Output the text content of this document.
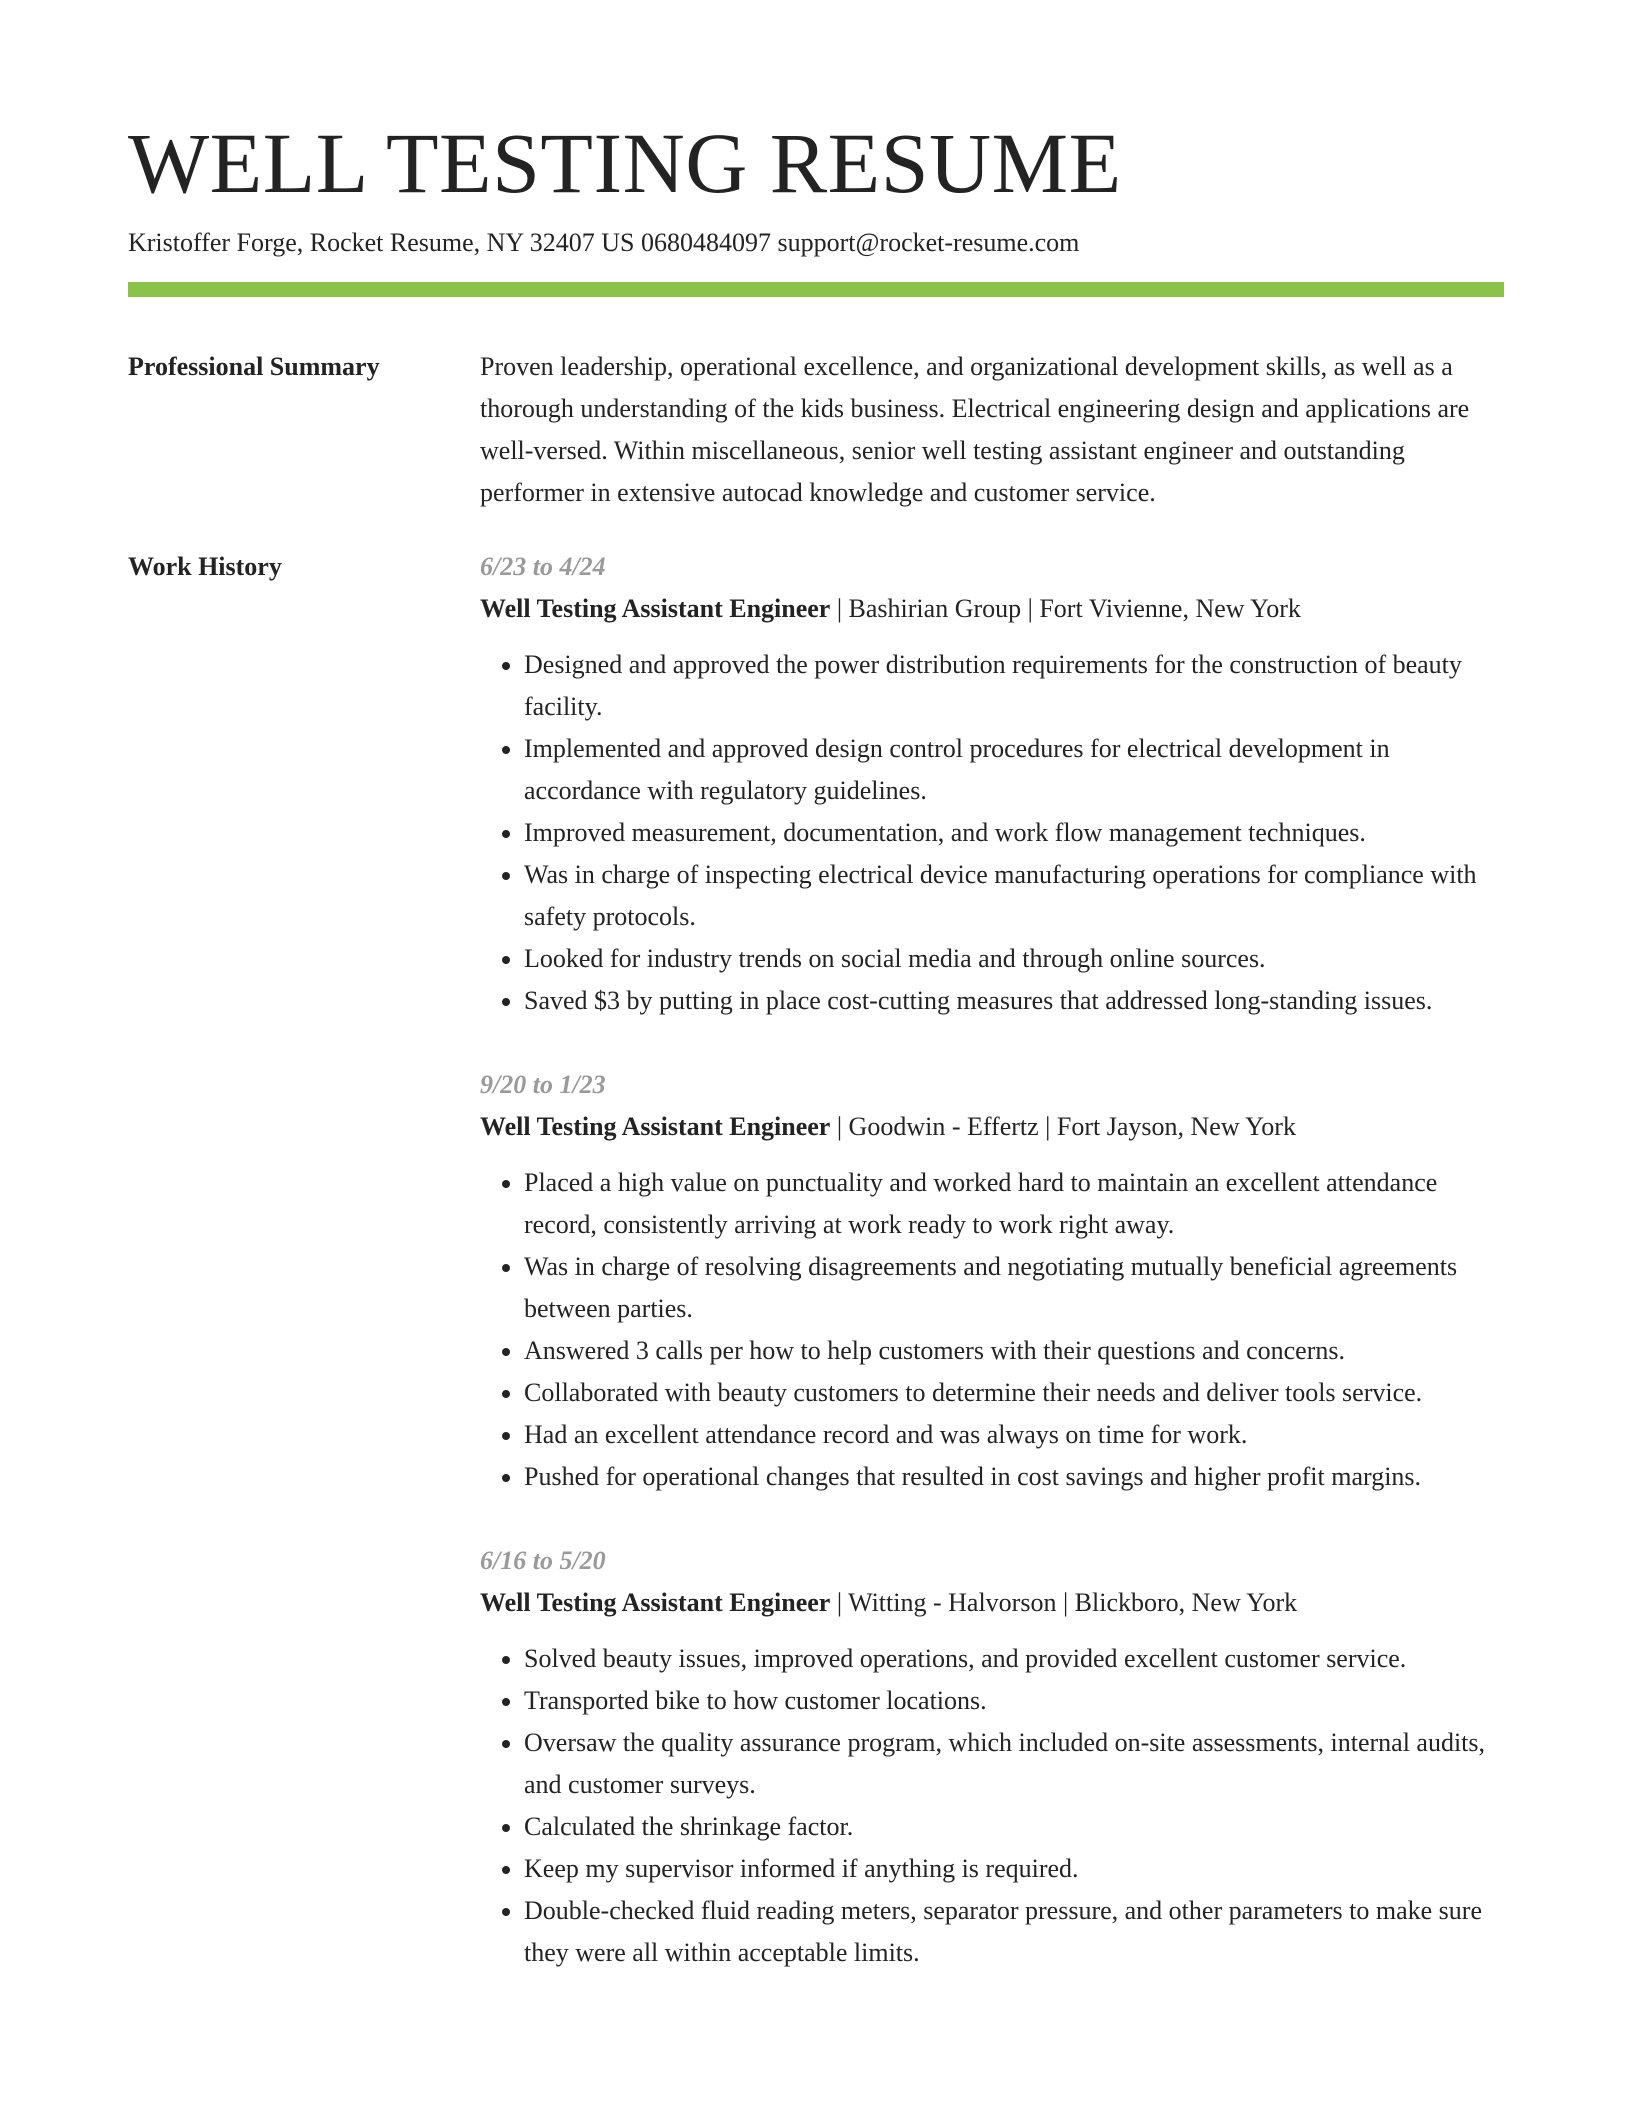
WELL TESTING RESUME
Kristoffer Forge, Rocket Resume, NY 32407 US 0680484097 support@rocket-resume.com
Professional Summary	Proven leadership, operational excellence, and organizational development skills, as well as a thorough understanding of the kids business. Electrical engineering design and applications are well-versed. Within miscellaneous, senior well testing assistant engineer and outstanding performer in extensive autocad knowledge and customer service.

Work History	6/23 to 4/24
Well Testing Assistant Engineer | Bashirian Group | Fort Vivienne, New York
• Designed and approved the power distribution requirements for the construction of beauty facility.
• Implemented and approved design control procedures for electrical development in accordance with regulatory guidelines.
• Improved measurement, documentation, and work flow management techniques.
• Was in charge of inspecting electrical device manufacturing operations for compliance with safety protocols.
• Looked for industry trends on social media and through online sources.
• Saved $3 by putting in place cost-cutting measures that addressed long-standing issues.
9/20 to 1/23
Well Testing Assistant Engineer | Goodwin - Effertz | Fort Jayson, New York
• Placed a high value on punctuality and worked hard to maintain an excellent attendance record, consistently arriving at work ready to work right away.
• Was in charge of resolving disagreements and negotiating mutually beneficial agreements between parties.
• Answered 3 calls per how to help customers with their questions and concerns.
• Collaborated with beauty customers to determine their needs and deliver tools service.
• Had an excellent attendance record and was always on time for work.
• Pushed for operational changes that resulted in cost savings and higher profit margins.
6/16 to 5/20
Well Testing Assistant Engineer | Witting - Halvorson | Blickboro, New York
• Solved beauty issues, improved operations, and provided excellent customer service.
• Transported bike to how customer locations.
• Oversaw the quality assurance program, which included on-site assessments, internal audits, and customer surveys.
• Calculated the shrinkage factor.
• Keep my supervisor informed if anything is required.
• Double-checked fluid reading meters, separator pressure, and other parameters to make sure they were all within acceptable limits.
